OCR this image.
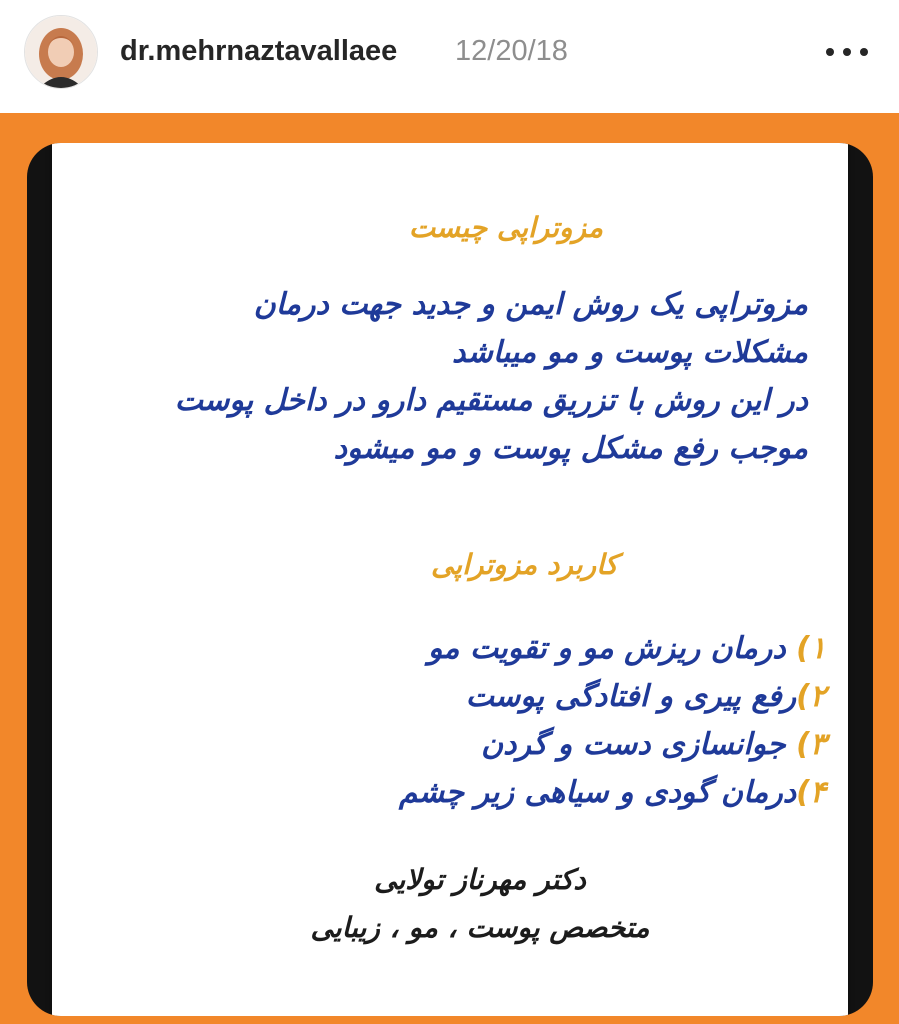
dr.mehrnaztavallaee 12/20/18
مزوتراپی چیست
مزوتراپی یک روش ایمن و جدید جهت درمان
مشکلات پوست و مو میباشد
در این روش با تزریق مستقیم دارو در داخل پوست
موجب رفع مشکل پوست و مو میشود
کاربرد مزوتراپی
۱) درمان ریزش مو و تقویت مو
۲)رفع پیری و افتادگی پوست
۳) جوانسازی دست و گردن
۴)درمان گودی و سیاهی زیر چشم
دکتر مهرناز تولایی
متخصص پوست ، مو ، زیبایی
